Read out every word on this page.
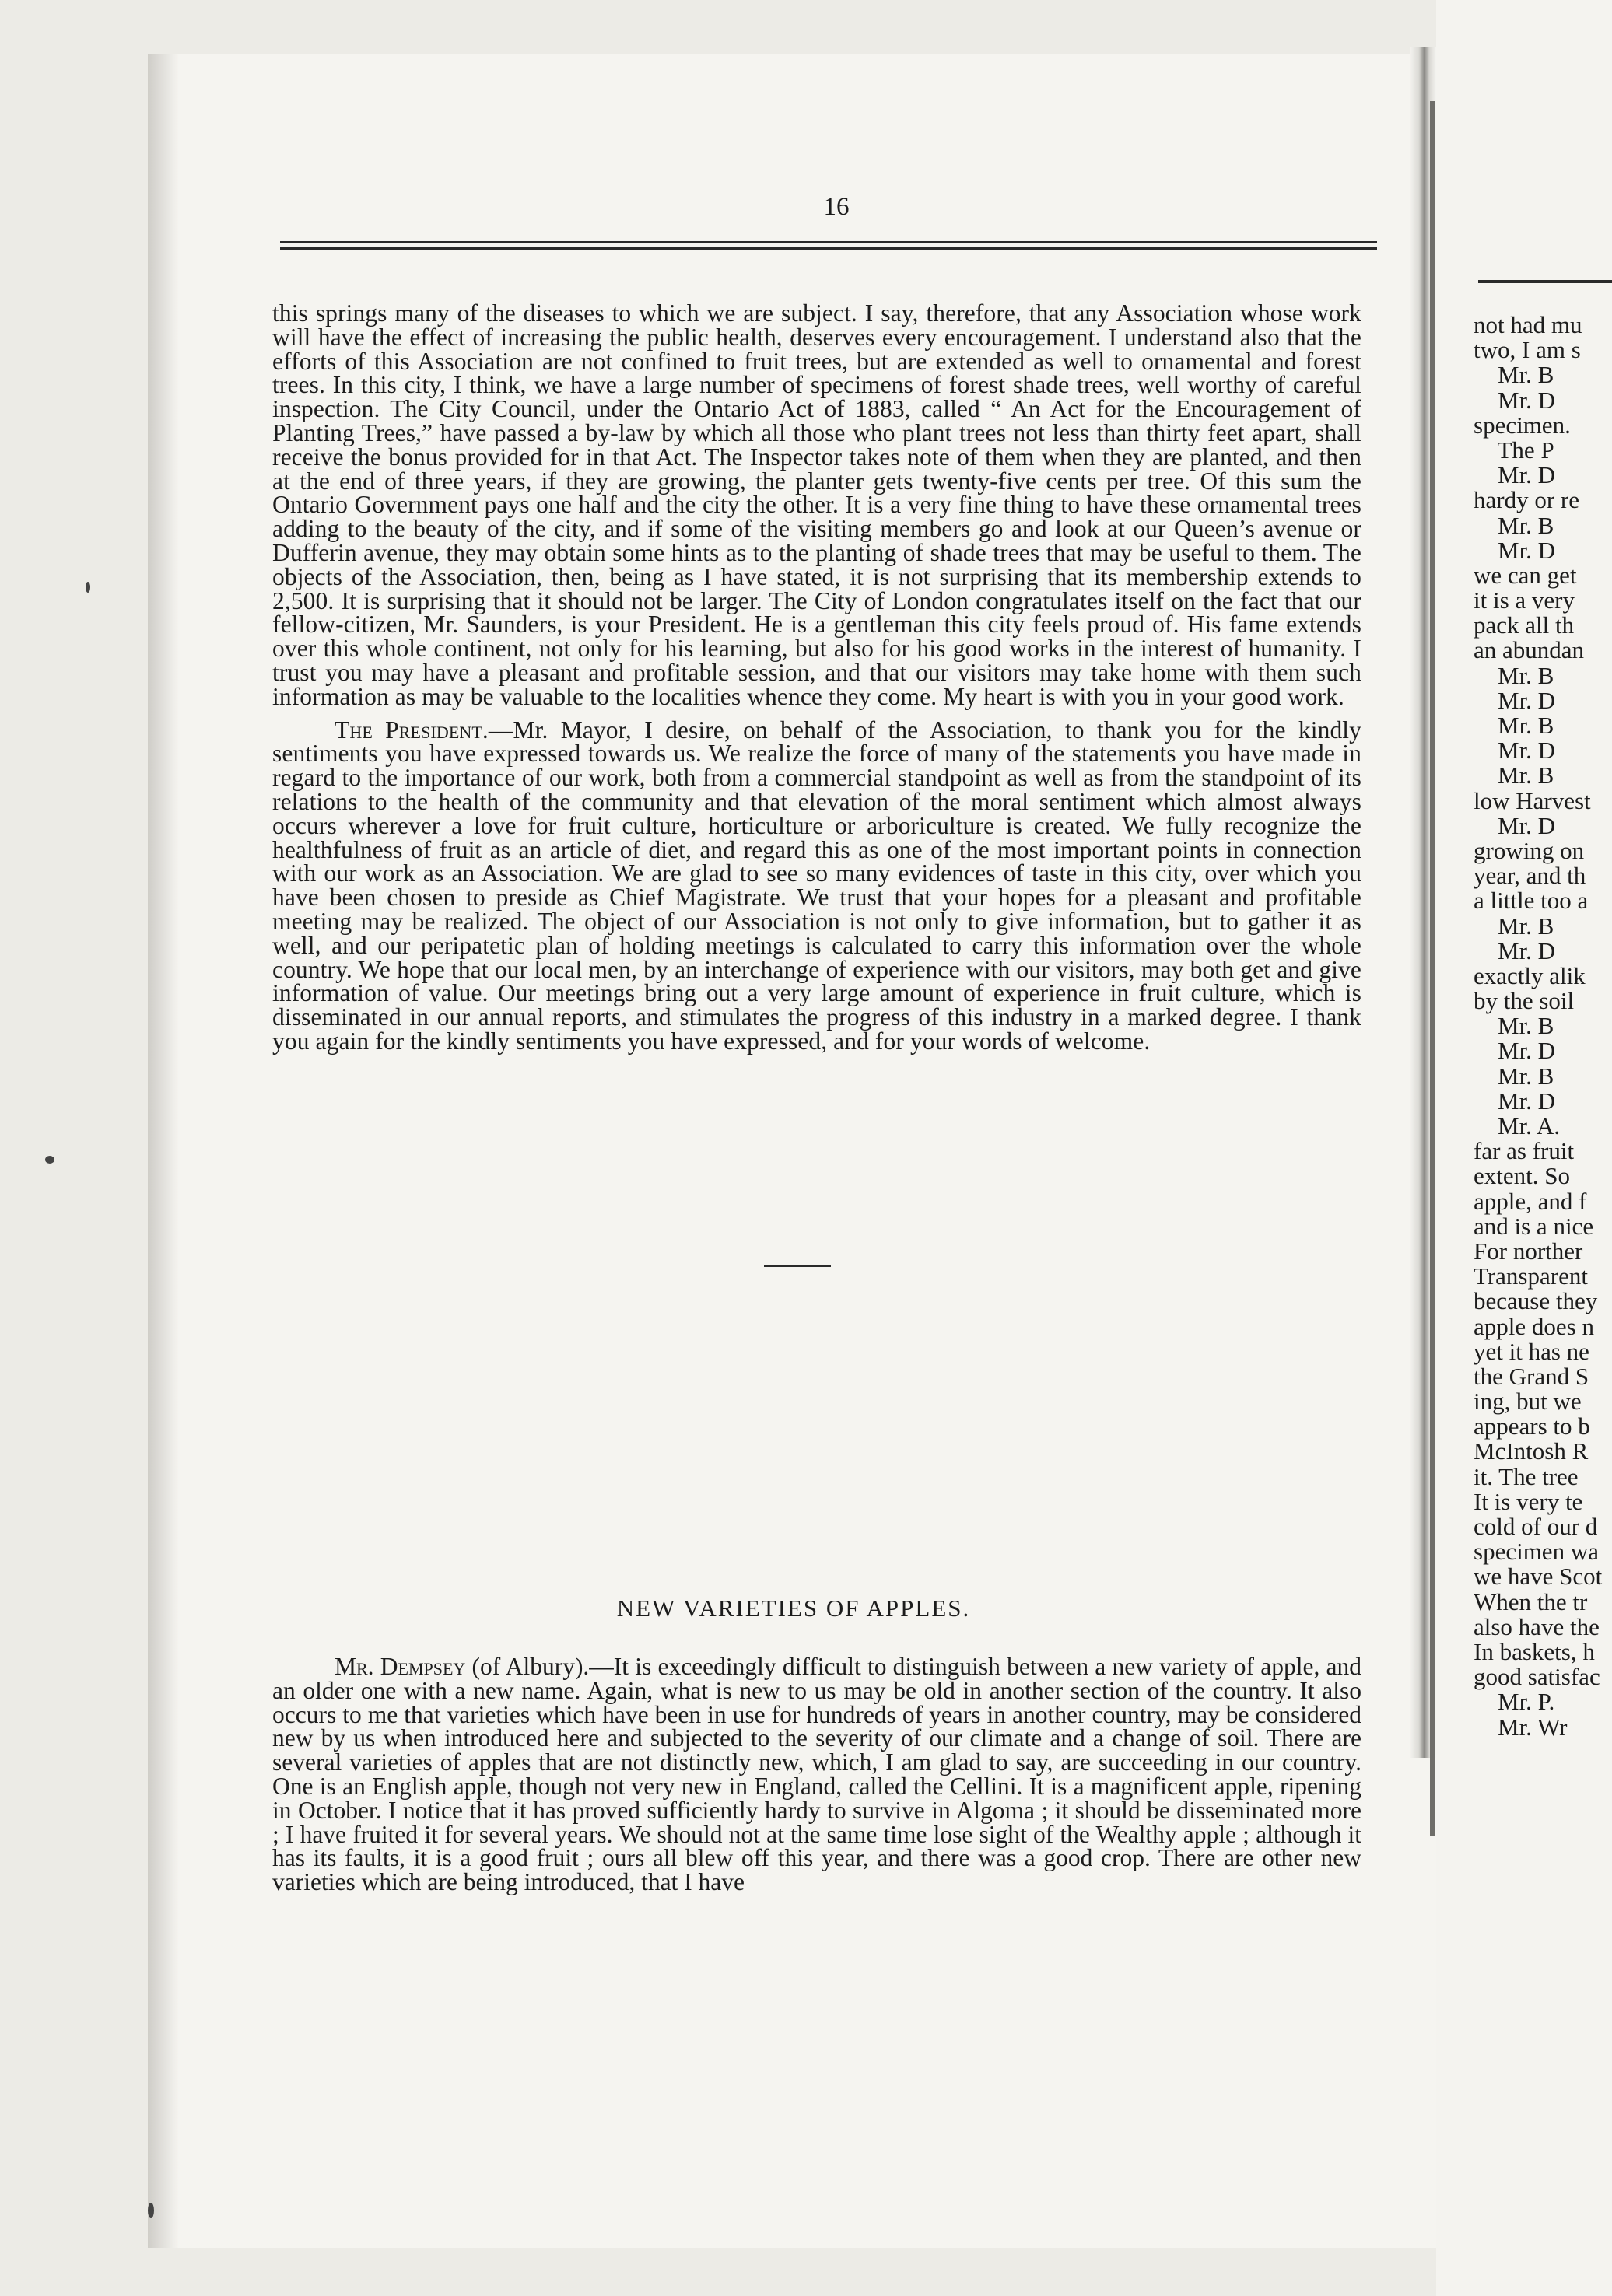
16

this springs many of the diseases to which we are subject. I say, therefore, that any Association whose work will have the effect of increasing the public health, deserves every encouragement. I understand also that the efforts of this Association are not confined to fruit trees, but are extended as well to ornamental and forest trees. In this city, I think, we have a large number of specimens of forest shade trees, well worthy of careful inspection. The City Council, under the Ontario Act of 1883, called “ An Act for the Encouragement of Planting Trees,” have passed a by-law by which all those who plant trees not less than thirty feet apart, shall receive the bonus provided for in that Act. The Inspector takes note of them when they are planted, and then at the end of three years, if they are growing, the planter gets twenty-five cents per tree. Of this sum the Ontario Government pays one half and the city the other. It is a very fine thing to have these ornamental trees adding to the beauty of the city, and if some of the visiting members go and look at our Queen’s avenue or Dufferin avenue, they may obtain some hints as to the planting of shade trees that may be useful to them. The objects of the Association, then, being as I have stated, it is not surprising that its membership extends to 2,500. It is surprising that it should not be larger. The City of London congratulates itself on the fact that our fellow-citizen, Mr. Saunders, is your President. He is a gentleman this city feels proud of. His fame extends over this whole continent, not only for his learning, but also for his good works in the interest of humanity. I trust you may have a pleasant and profitable session, and that our visitors may take home with them such information as may be valuable to the localities whence they come. My heart is with you in your good work.

The President.—Mr. Mayor, I desire, on behalf of the Association, to thank you for the kindly sentiments you have expressed towards us. We realize the force of many of the statements you have made in regard to the importance of our work, both from a commercial standpoint as well as from the standpoint of its relations to the health of the community and that elevation of the moral sentiment which almost always occurs wherever a love for fruit culture, horticulture or arboriculture is created. We fully recognize the healthfulness of fruit as an article of diet, and regard this as one of the most important points in connection with our work as an Association. We are glad to see so many evidences of taste in this city, over which you have been chosen to preside as Chief Magistrate. We trust that your hopes for a pleasant and profitable meeting may be realized. The object of our Association is not only to give information, but to gather it as well, and our peripatetic plan of holding meetings is calculated to carry this information over the whole country. We hope that our local men, by an interchange of experience with our visitors, may both get and give information of value. Our meetings bring out a very large amount of experience in fruit culture, which is disseminated in our annual reports, and stimulates the progress of this industry in a marked degree. I thank you again for the kindly sentiments you have expressed, and for your words of welcome.

NEW VARIETIES OF APPLES.

Mr. Dempsey (of Albury).—It is exceedingly difficult to distinguish between a new variety of apple, and an older one with a new name. Again, what is new to us may be old in another section of the country. It also occurs to me that varieties which have been in use for hundreds of years in another country, may be considered new by us when introduced here and subjected to the severity of our climate and a change of soil. There are several varieties of apples that are not distinctly new, which, I am glad to say, are succeeding in our country. One is an English apple, though not very new in England, called the Cellini. It is a magnificent apple, ripening in October. I notice that it has proved sufficiently hardy to survive in Algoma ; it should be disseminated more ; I have fruited it for several years. We should not at the same time lose sight of the Wealthy apple ; although it has its faults, it is a good fruit ; ours all blew off this year, and there was a good crop. There are other new varieties which are being introduced, that I have

not had mu
two, I am s
Mr. B
Mr. D
specimen.
The P
Mr. D
hardy or re
Mr. B
Mr. D
we can get
it is a very
pack all th
an abundan
Mr. B
Mr. D
Mr. B
Mr. D
Mr. B
low Harvest
Mr. D
growing on
year, and th
a little too a
Mr. B
Mr. D
exactly alik
by the soil
Mr. B
Mr. D
Mr. B
Mr. D
Mr. A.
far as fruit
extent. So
apple, and f
and is a nice
For norther
Transparent
because they
apple does n
yet it has ne
the Grand S
ing, but we
appears to b
McIntosh R
it. The tree
It is very te
cold of our d
specimen wa
we have Scot
When the tr
also have the
In baskets, h
good satisfac
Mr. P.
Mr. Wr
